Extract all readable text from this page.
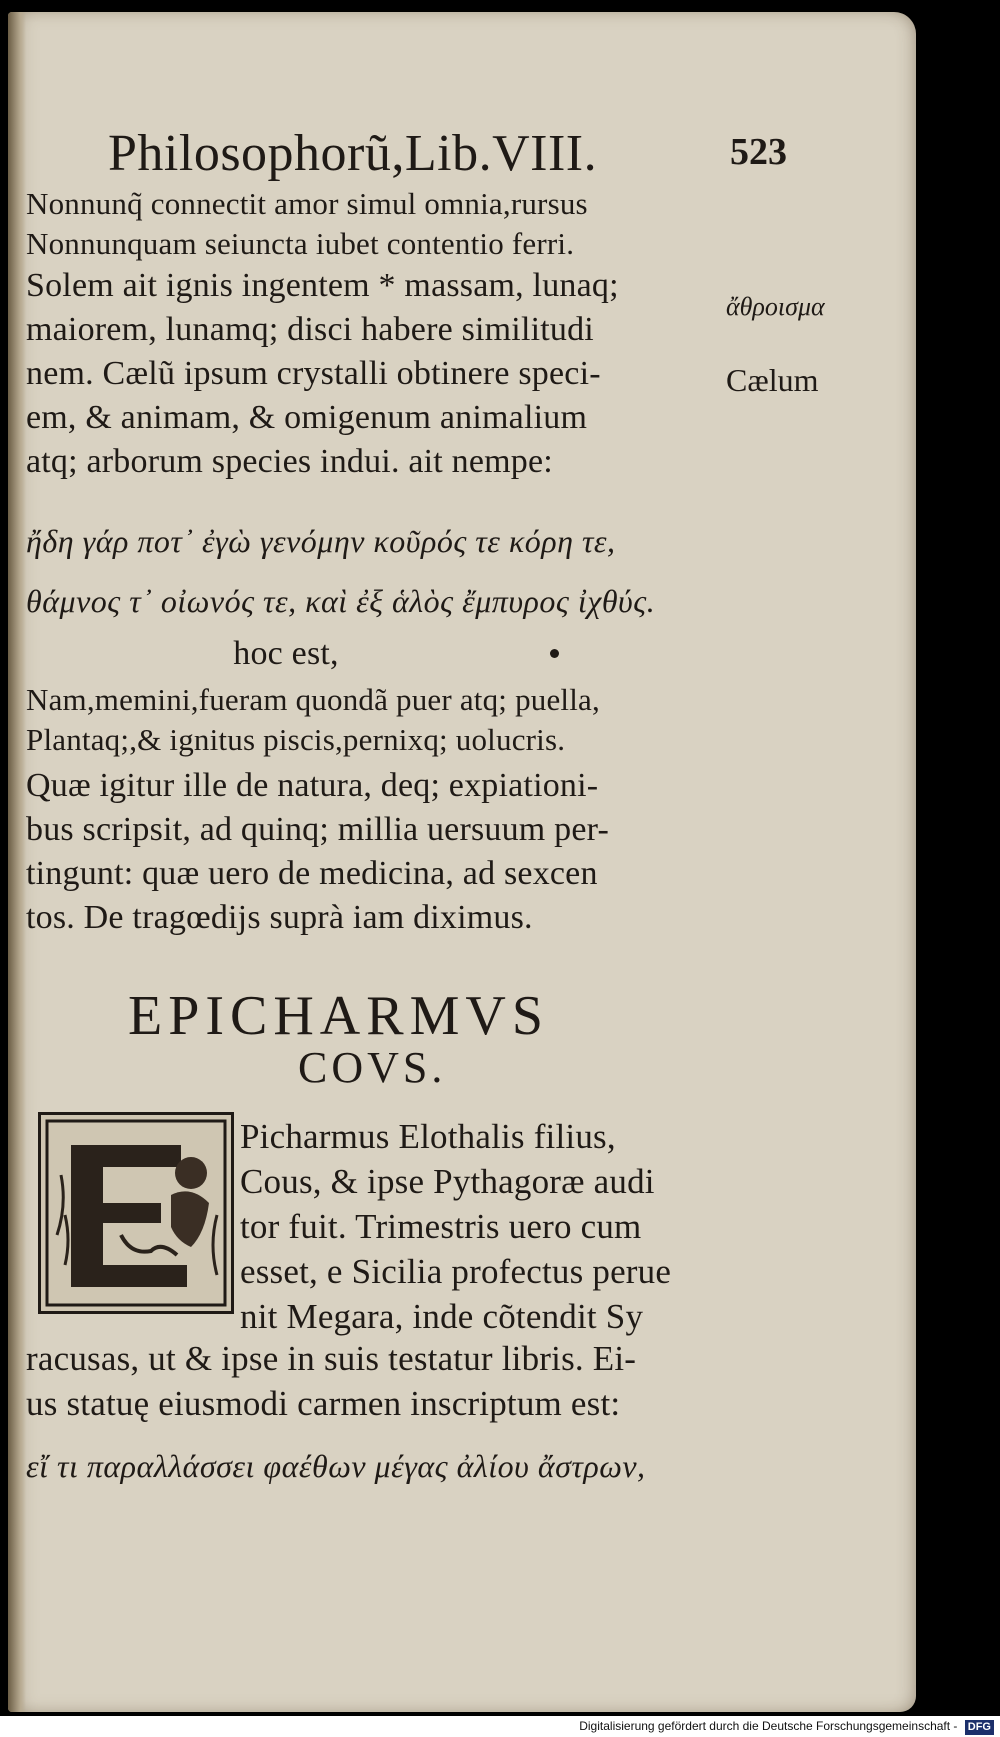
Philosophorũ,Lib.VIII.	523
Nonnunq̃ connectit amor simul omnia,rursus
Nonnunquam seiuncta iubet contentio ferri.
Solem ait ignis ingentem * massam, lunaq;
maiorem, lunamq; disci habere similitudi
nem. Cælũ ipsum crystalli obtinere speci-
em, & animam, & omigenum animalium
atq; arborum species indui. ait nempe:
ἄθροισμα
Cælum
ἤδη γάρ ποτ᾽ ἐγὼ γενόμην κοῦρός τε κόρη τε,
θάμνος τ᾽ οἰωνός τε, καὶ ἐξ ἁλὸς ἔμπυρος ἰχθύς.
hoc est,
Nam,memini,fueram quondã puer atq; puella,
Plantaq;,& ignitus piscis,pernixq; uolucris.
Quæ igitur ille de natura, deq; expiationi-
bus scripsit, ad quinq; millia uersuum per-
tingunt: quæ uero de medicina, ad sexcen
tos. De tragœdijs suprà iam diximus.
EPICHARMVS
COVS.
Picharmus Elothalis filius,
Cous, & ipse Pythagoræ audi
tor fuit. Trimestris uero cum
esset, e Sicilia profectus perue
nit Megara, inde cõtendit Sy
racusas, ut & ipse in suis testatur libris. Ei-
us statuę eiusmodi carmen inscriptum est:
εἴ τι παραλλάσσει φαέθων μέγας ἀλίου ἄστρων,
Digitalisierung gefördert durch die Deutsche Forschungsgemeinschaft - DFG
